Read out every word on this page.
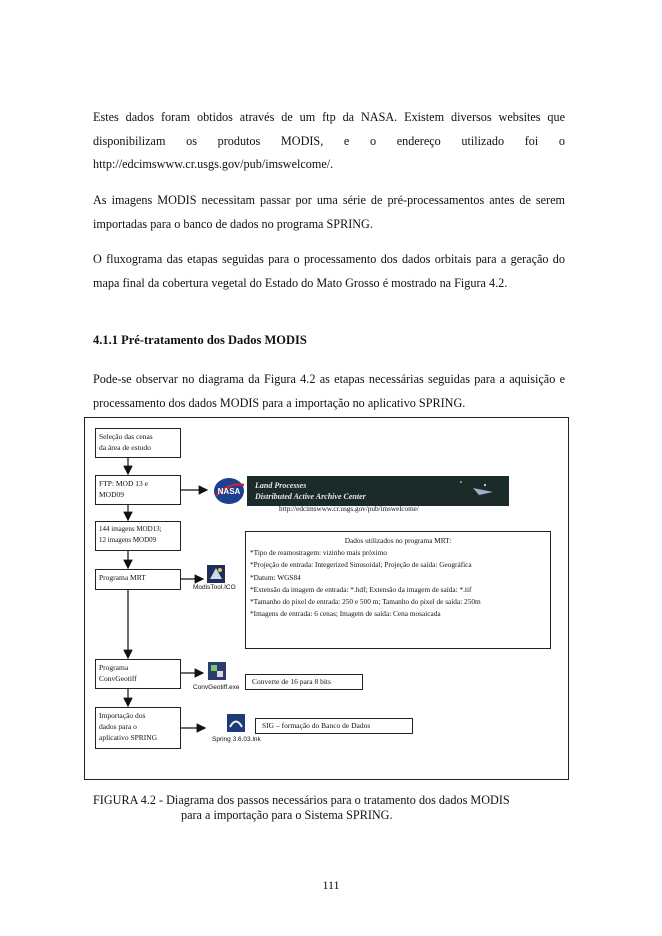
Estes dados foram obtidos através de um ftp da NASA. Existem diversos websites que disponibilizam os produtos MODIS, e o endereço utilizado foi o http://edcimswww.cr.usgs.gov/pub/imswelcome/.

As imagens MODIS necessitam passar por uma série de pré-processamentos antes de serem importadas para o banco de dados no programa SPRING.

O fluxograma das etapas seguidas para o processamento dos dados orbitais para a geração do mapa final da cobertura vegetal do Estado do Mato Grosso é mostrado na Figura 4.2.

4.1.1 Pré-tratamento dos Dados MODIS

Pode-se observar no diagrama da Figura 4.2 as etapas necessárias seguidas para a aquisição e processamento dos dados MODIS para a importação no aplicativo SPRING.

Seleção das cenas
da área de estudo
FTP: MOD 13 e
MOD09
144 imagens MOD13;
12 imagens MOD09
Programa MRT
Programa
ConvGeotiff
Importação dos
dados para o
aplicativo SPRING
NASA
Land Processes
Distributed Active Archive Center
http://edcimswww.cr.usgs.gov/pub/imswelcome/
ModisTool.ICO
ConvGeotiff.exe
Spring 3.6.03.lnk
Dados utilizados no programa MRT:
*Tipo de reamostragem: vizinho mais próximo
*Projeção de entrada: Integerized Sinusoidal; Projeção de saída: Geográfica
*Datum: WGS84
*Extensão da imagem de entrada: *.hdf; Extensão da imagem de saída: *.tif
*Tamanho do pixel de entrada: 250 e 500 m; Tamanho do pixel de saída: 250m
*Imagens de entrada: 6 cenas; Imagem de saída: Cena mosaicada
Converte de 16 para 8 bits
SIG – formação do Banco de Dados
FIGURA 4.2 - Diagrama dos passos necessários para o tratamento dos dados MODIS
para a importação para o Sistema SPRING.
111
